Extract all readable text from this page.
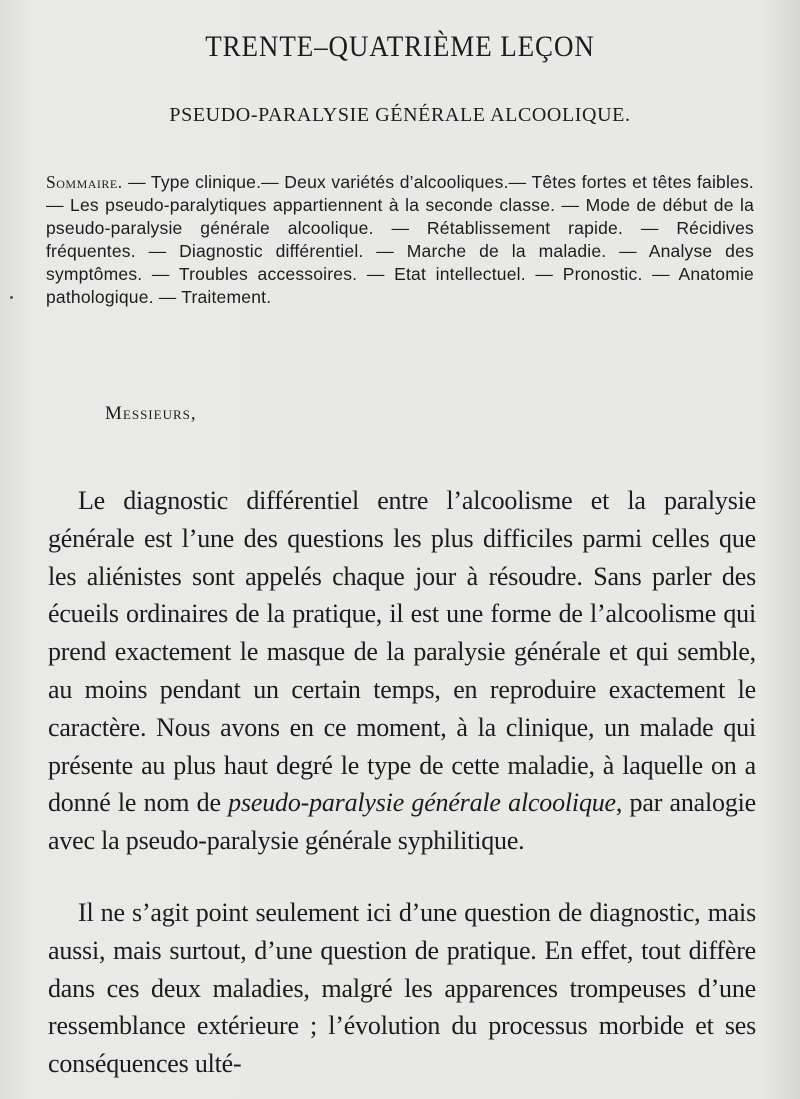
TRENTE–QUATRIÈME LEÇON
PSEUDO-PARALYSIE GÉNÉRALE ALCOOLIQUE.
Sommaire. — Type clinique.— Deux variétés d’alcooliques.— Têtes fortes et têtes faibles. — Les pseudo-paralytiques appartiennent à la seconde classe. — Mode de début de la pseudo-paralysie générale alcoolique. — Rétablissement rapide. — Récidives fréquentes. — Diagnostic différentiel. — Marche de la maladie. — Analyse des symptômes. — Troubles accessoires. — Etat intellectuel. — Pronostic. — Anatomie pathologique. — Traitement.
Messieurs,

Le diagnostic différentiel entre l’alcoolisme et la paralysie générale est l’une des questions les plus difficiles parmi celles que les aliénistes sont appelés chaque jour à résoudre. Sans parler des écueils ordinaires de la pratique, il est une forme de l’alcoolisme qui prend exactement le masque de la paralysie générale et qui semble, au moins pendant un certain temps, en reproduire exactement le caractère. Nous avons en ce moment, à la clinique, un malade qui présente au plus haut degré le type de cette maladie, à laquelle on a donné le nom de pseudo-paralysie générale alcoolique, par analogie avec la pseudo-paralysie générale syphilitique.

Il ne s’agit point seulement ici d’une question de diagnostic, mais aussi, mais surtout, d’une question de pratique. En effet, tout diffère dans ces deux maladies, malgré les apparences trompeuses d’une ressemblance extérieure ; l’évolution du processus morbide et ses conséquences ulté-
